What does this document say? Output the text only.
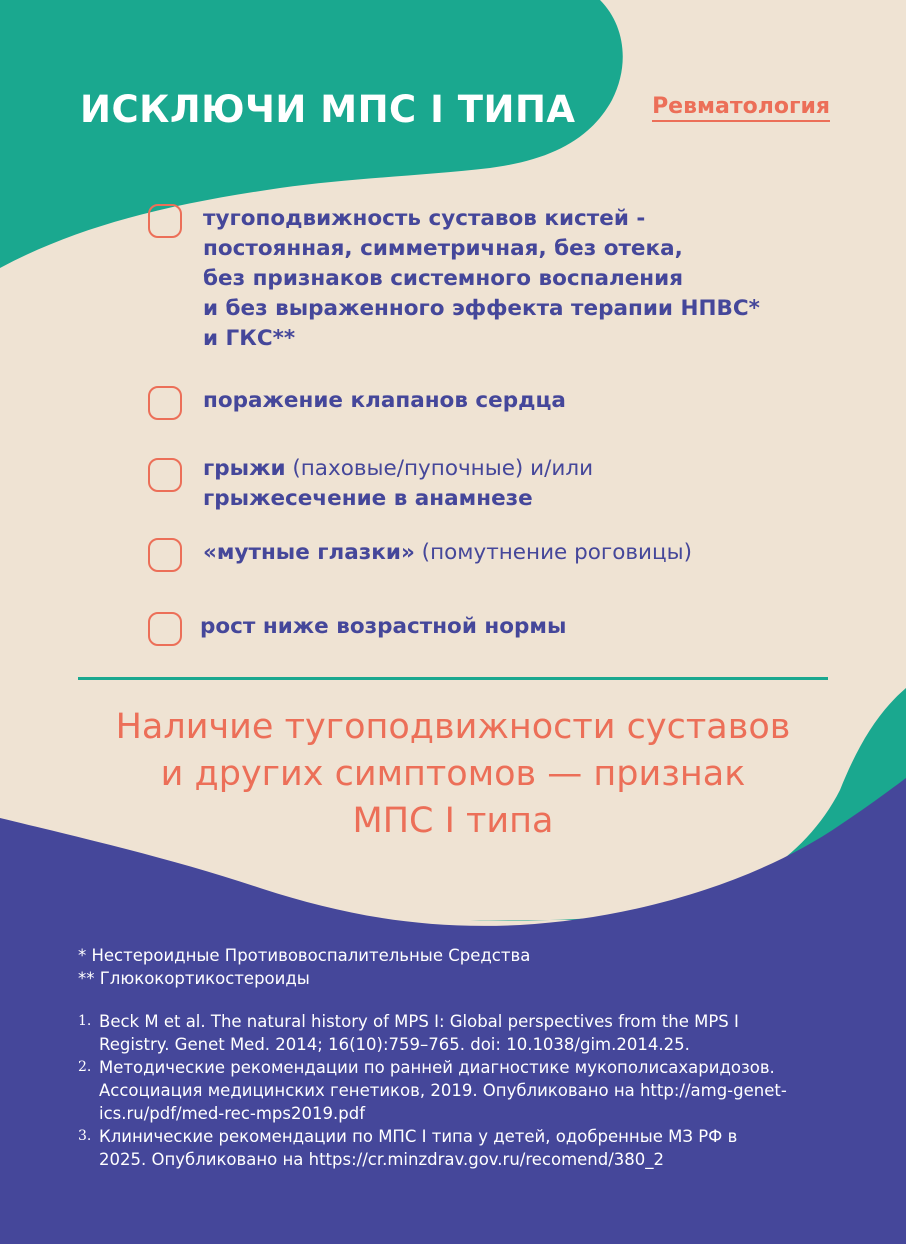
ИСКЛЮЧИ МПС I ТИПА	Ревматология
тугоподвижность суставов кистей -
постоянная, симметричная, без отека,
без признаков системного воспаления
и без выраженного эффекта терапии НПВС*
и ГКС**
поражение клапанов сердца
грыжи (паховые/пупочные) и/или
грыжесечение в анамнезе
«мутные глазки» (помутнение роговицы)
рост ниже возрастной нормы
Наличие тугоподвижности суставов
и других симптомов — признак
МПС I типа
* Нестероидные Противовоспалительные Средства
** Глюкокортикостероиды
1. Beck M et al. The natural history of MPS I: Global perspectives from the MPS I
Registry. Genet Med. 2014; 16(10):759–765. doi: 10.1038/gim.2014.25.
2. Методические рекомендации по ранней диагностике мукополисахаридозов.
Ассоциация медицинских генетиков, 2019. Опубликовано на http://amg-genet-
ics.ru/pdf/med-rec-mps2019.pdf
3. Клинические рекомендации по МПС I типа у детей, одобренные МЗ РФ в
2025. Опубликовано на https://cr.minzdrav.gov.ru/recomend/380_2
